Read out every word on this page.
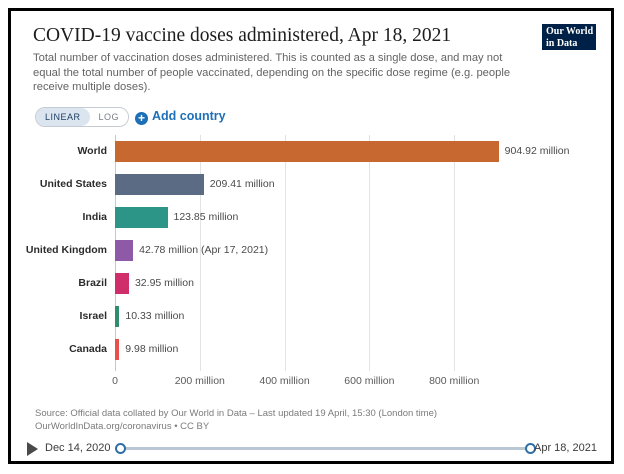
COVID-19 vaccine doses administered, Apr 18, 2021
Total number of vaccination doses administered. This is counted as a single dose, and may not equal the total number of people vaccinated, depending on the specific dose regime (e.g. people receive multiple doses).
Our World
in Data
LINEAR	LOG	+ Add country
World	904.92 million
United States	209.41 million
India	123.85 million
United Kingdom	42.78 million (Apr 17, 2021)
Brazil	32.95 million
Israel 10.33 million
Canada 9.98 million
0	200 million	400 million	600 million	800 million
Source: Official data collated by Our World in Data – Last updated 19 April, 15:30 (London time)
OurWorldInData.org/coronavirus • CC BY
Dec 14, 2020	Apr 18, 2021
